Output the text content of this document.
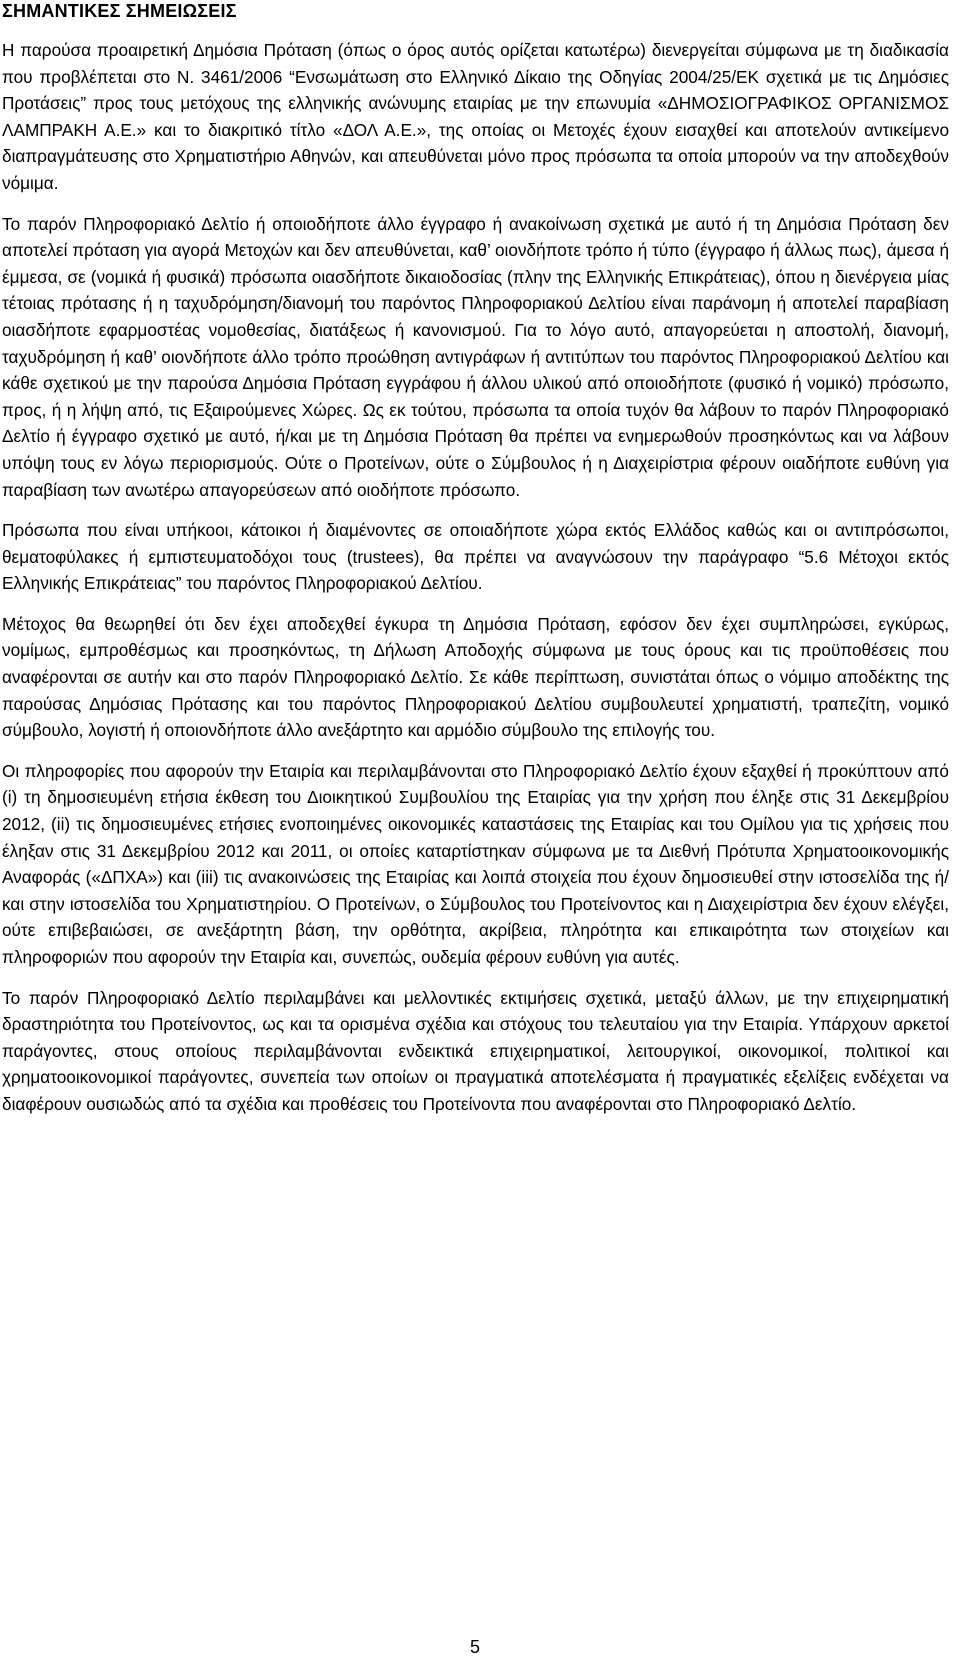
ΣΗΜΑΝΤΙΚΕΣ ΣΗΜΕΙΩΣΕΙΣ

Η παρούσα προαιρετική Δημόσια Πρόταση (όπως ο όρος αυτός ορίζεται κατωτέρω) διενεργείται σύμφωνα με τη διαδικασία που προβλέπεται στο Ν. 3461/2006 “Ενσωμάτωση στο Ελληνικό Δίκαιο της Οδηγίας 2004/25/ΕΚ σχετικά με τις Δημόσιες Προτάσεις” προς τους μετόχους της ελληνικής ανώνυμης εταιρίας με την επωνυμία «ΔΗΜΟΣΙΟΓΡΑΦΙΚΟΣ ΟΡΓΑΝΙΣΜΟΣ ΛΑΜΠΡΑΚΗ Α.Ε.» και το διακριτικό τίτλο «ΔΟΛ Α.Ε.», της οποίας οι Μετοχές έχουν εισαχθεί και αποτελούν αντικείμενο διαπραγμάτευσης στο Χρηματιστήριο Αθηνών, και απευθύνεται μόνο προς πρόσωπα τα οποία μπορούν να την αποδεχθούν νόμιμα.

Το παρόν Πληροφοριακό Δελτίο ή οποιοδήποτε άλλο έγγραφο ή ανακοίνωση σχετικά με αυτό ή τη Δημόσια Πρόταση δεν αποτελεί πρόταση για αγορά Μετοχών και δεν απευθύνεται, καθ’ οιονδήποτε τρόπο ή τύπο (έγγραφο ή άλλως πως), άμεσα ή έμμεσα, σε (νομικά ή φυσικά) πρόσωπα οιασδήποτε δικαιοδοσίας (πλην της Ελληνικής Επικράτειας), όπου η διενέργεια μίας τέτοιας πρότασης ή η ταχυδρόμηση/διανομή του παρόντος Πληροφοριακού Δελτίου είναι παράνομη ή αποτελεί παραβίαση οιασδήποτε εφαρμοστέας νομοθεσίας, διατάξεως ή κανονισμού. Για το λόγο αυτό, απαγορεύεται η αποστολή, διανομή, ταχυδρόμηση ή καθ’ οιονδήποτε άλλο τρόπο προώθηση αντιγράφων ή αντιτύπων του παρόντος Πληροφοριακού Δελτίου και κάθε σχετικού με την παρούσα Δημόσια Πρόταση εγγράφου ή άλλου υλικού από οποιοδήποτε (φυσικό ή νομικό) πρόσωπο, προς, ή η λήψη από, τις Εξαιρούμενες Χώρες. Ως εκ τούτου, πρόσωπα τα οποία τυχόν θα λάβουν το παρόν Πληροφοριακό Δελτίο ή έγγραφο σχετικό με αυτό, ή/και με τη Δημόσια Πρόταση θα πρέπει να ενημερωθούν προσηκόντως και να λάβουν υπόψη τους εν λόγω περιορισμούς. Ούτε ο Προτείνων, ούτε ο Σύμβουλος ή η Διαχειρίστρια φέρουν οιαδήποτε ευθύνη για παραβίαση των ανωτέρω απαγορεύσεων από οιοδήποτε πρόσωπο.

Πρόσωπα που είναι υπήκοοι, κάτοικοι ή διαμένοντες σε οποιαδήποτε χώρα εκτός Ελλάδος καθώς και οι αντιπρόσωποι, θεματοφύλακες ή εμπιστευματοδόχοι τους (trustees), θα πρέπει να αναγνώσουν την παράγραφο “5.6 Μέτοχοι εκτός Ελληνικής Επικράτειας” του παρόντος Πληροφοριακού Δελτίου.

Μέτοχος θα θεωρηθεί ότι δεν έχει αποδεχθεί έγκυρα τη Δημόσια Πρόταση, εφόσον δεν έχει συμπληρώσει, εγκύρως, νομίμως, εμπροθέσμως και προσηκόντως, τη Δήλωση Αποδοχής σύμφωνα με τους όρους και τις προϋποθέσεις που αναφέρονται σε αυτήν και στο παρόν Πληροφοριακό Δελτίο. Σε κάθε περίπτωση, συνιστάται όπως ο νόμιμο αποδέκτης της παρούσας Δημόσιας Πρότασης και του παρόντος Πληροφοριακού Δελτίου συμβουλευτεί χρηματιστή, τραπεζίτη, νομικό σύμβουλο, λογιστή ή οποιονδήποτε άλλο ανεξάρτητο και αρμόδιο σύμβουλο της επιλογής του.

Οι πληροφορίες που αφορούν την Εταιρία και περιλαμβάνονται στο Πληροφοριακό Δελτίο έχουν εξαχθεί ή προκύπτουν από (i) τη δημοσιευμένη ετήσια έκθεση του Διοικητικού Συμβουλίου της Εταιρίας για την χρήση που έληξε στις 31 Δεκεμβρίου 2012, (ii) τις δημοσιευμένες ετήσιες ενοποιημένες οικονομικές καταστάσεις της Εταιρίας και του Ομίλου για τις χρήσεις που έληξαν στις 31 Δεκεμβρίου 2012 και 2011, οι οποίες καταρτίστηκαν σύμφωνα με τα Διεθνή Πρότυπα Χρηματοοικονομικής Αναφοράς («ΔΠΧΑ») και (iii) τις ανακοινώσεις της Εταιρίας και λοιπά στοιχεία που έχουν δημοσιευθεί στην ιστοσελίδα της ή/και στην ιστοσελίδα του Χρηματιστηρίου. Ο Προτείνων, ο Σύμβουλος του Προτείνοντος και η Διαχειρίστρια δεν έχουν ελέγξει, ούτε επιβεβαιώσει, σε ανεξάρτητη βάση, την ορθότητα, ακρίβεια, πληρότητα και επικαιρότητα των στοιχείων και πληροφοριών που αφορούν την Εταιρία και, συνεπώς, ουδεμία φέρουν ευθύνη για αυτές.

Το παρόν Πληροφοριακό Δελτίο περιλαμβάνει και μελλοντικές εκτιμήσεις σχετικά, μεταξύ άλλων, με την επιχειρηματική δραστηριότητα του Προτείνοντος, ως και τα ορισμένα σχέδια και στόχους του τελευταίου για την Εταιρία. Υπάρχουν αρκετοί παράγοντες, στους οποίους περιλαμβάνονται ενδεικτικά επιχειρηματικοί, λειτουργικοί, οικονομικοί, πολιτικοί και χρηματοοικονομικοί παράγοντες, συνεπεία των οποίων οι πραγματικά αποτελέσματα ή πραγματικές εξελίξεις ενδέχεται να διαφέρουν ουσιωδώς από τα σχέδια και προθέσεις του Προτείνοντα που αναφέρονται στο Πληροφοριακό Δελτίο.

5
